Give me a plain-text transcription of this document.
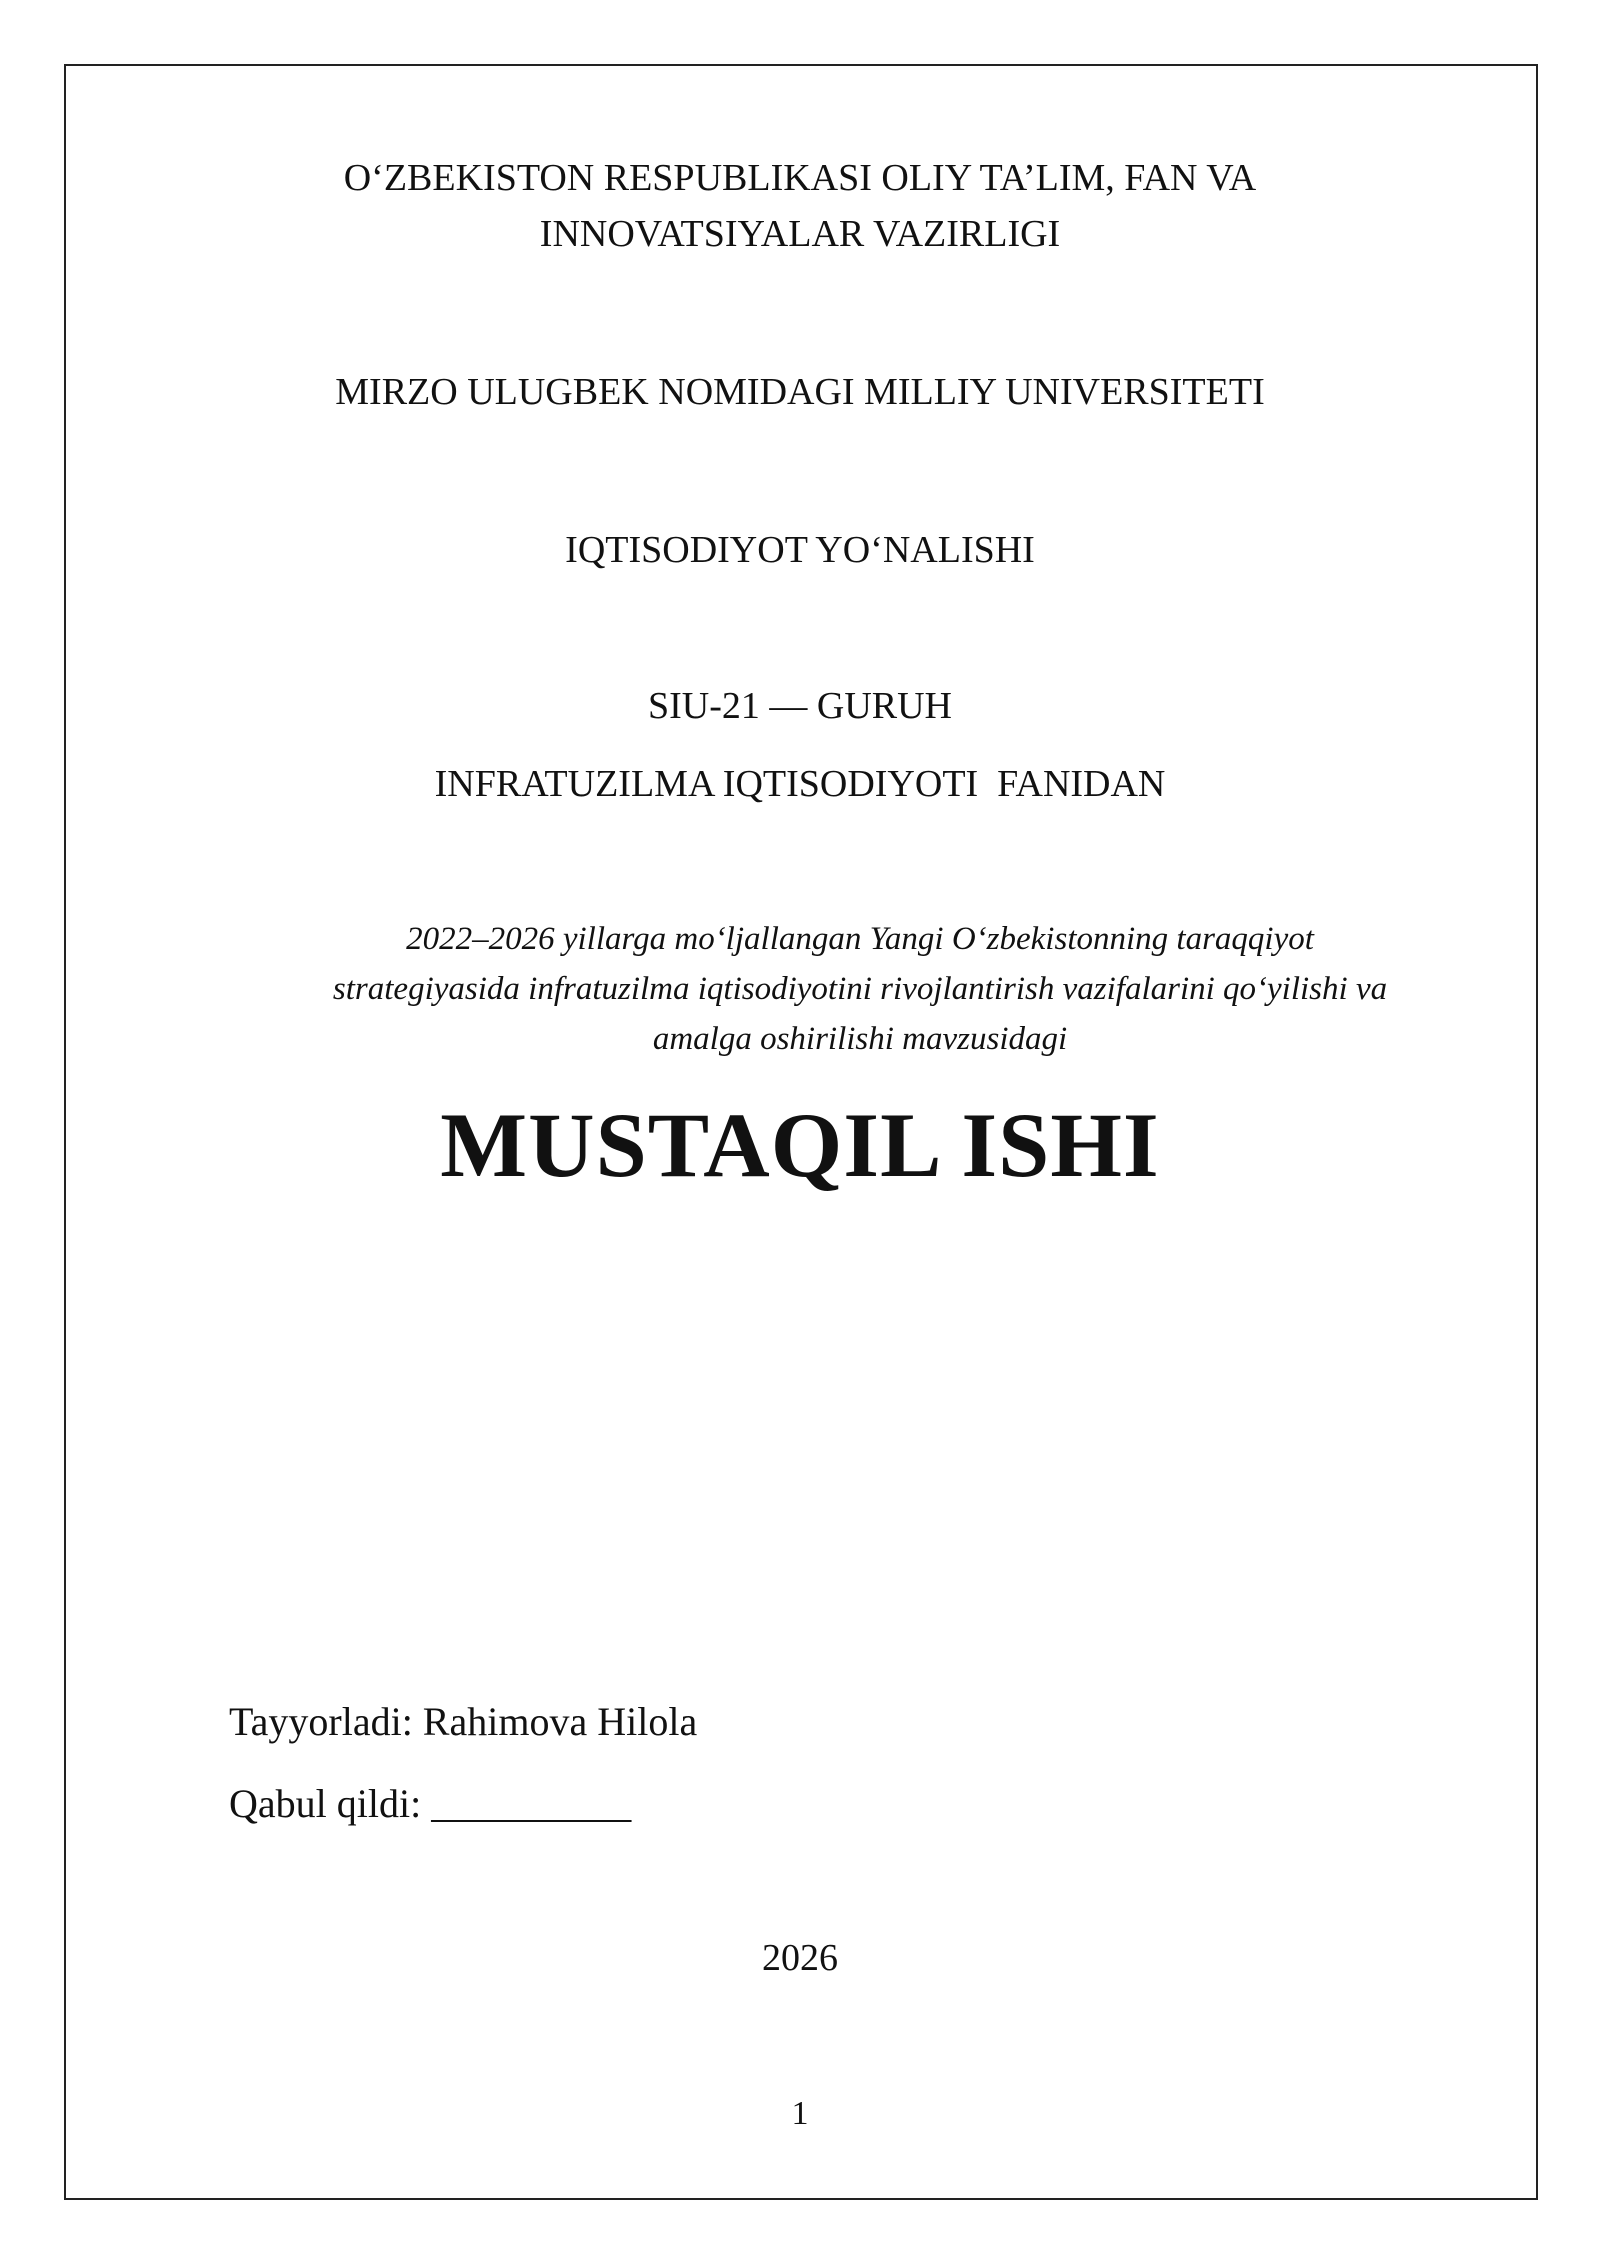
O‘ZBEKISTON RESPUBLIKASI OLIY TA’LIM, FAN VA
INNOVATSIYALAR VAZIRLIGI
MIRZO ULUGBEK NOMIDAGI MILLIY UNIVERSITETI
IQTISODIYOT YO‘NALISHI
SIU-21 — GURUH
INFRATUZILMA IQTISODIYOTI  FANIDAN
2022–2026 yillarga mo‘ljallangan Yangi O‘zbekistonning taraqqiyot
strategiyasida infratuzilma iqtisodiyotini rivojlantirish vazifalarini qo‘yilishi va
amalga oshirilishi mavzusidagi
MUSTAQIL ISHI
Tayyorladi: Rahimova Hilola
Qabul qildi: __________
2026
1
